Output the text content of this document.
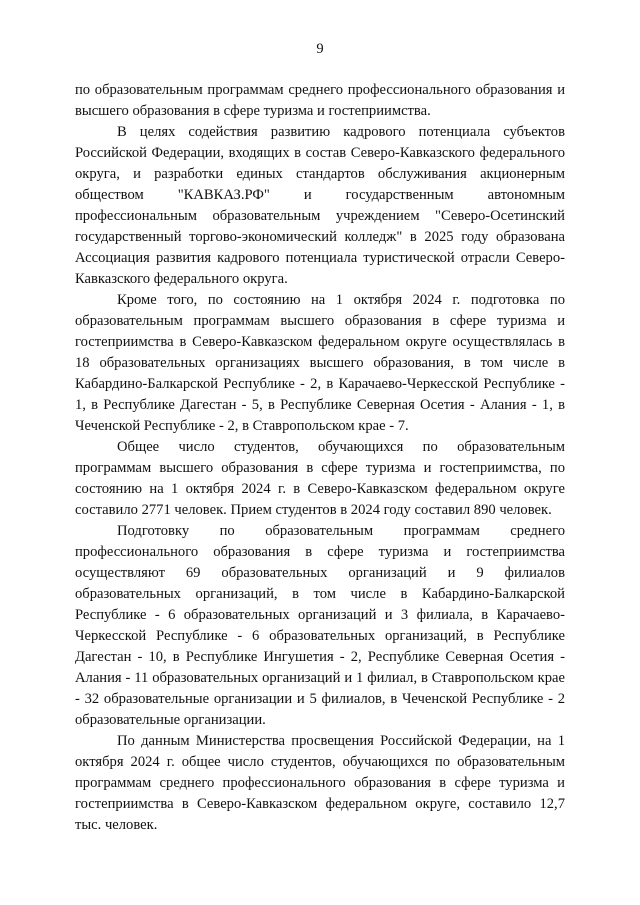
9

по образовательным программам среднего профессионального образования и высшего образования в сфере туризма и гостеприимства.

В целях содействия развитию кадрового потенциала субъектов Российской Федерации, входящих в состав Северо-Кавказского федерального округа, и разработки единых стандартов обслуживания акционерным обществом "КАВКАЗ.РФ" и государственным автономным профессиональным образовательным учреждением "Северо-Осетинский государственный торгово-экономический колледж" в 2025 году образована Ассоциация развития кадрового потенциала туристической отрасли Северо-Кавказского федерального округа.

Кроме того, по состоянию на 1 октября 2024 г. подготовка по образовательным программам высшего образования в сфере туризма и гостеприимства в Северо-Кавказском федеральном округе осуществлялась в 18 образовательных организациях высшего образования, в том числе в Кабардино-Балкарской Республике - 2, в Карачаево-Черкесской Республике - 1, в Республике Дагестан - 5, в Республике Северная Осетия - Алания - 1, в Чеченской Республике - 2, в Ставропольском крае - 7.

Общее число студентов, обучающихся по образовательным программам высшего образования в сфере туризма и гостеприимства, по состоянию на 1 октября 2024 г. в Северо-Кавказском федеральном округе составило 2771 человек. Прием студентов в 2024 году составил 890 человек.

Подготовку по образовательным программам среднего профессионального образования в сфере туризма и гостеприимства осуществляют 69 образовательных организаций и 9 филиалов образовательных организаций, в том числе в Кабардино-Балкарской Республике - 6 образовательных организаций и 3 филиала, в Карачаево-Черкесской Республике - 6 образовательных организаций, в Республике Дагестан - 10, в Республике Ингушетия - 2, Республике Северная Осетия - Алания - 11 образовательных организаций и 1 филиал, в Ставропольском крае - 32 образовательные организации и 5 филиалов, в Чеченской Республике - 2 образовательные организации.

По данным Министерства просвещения Российской Федерации, на 1 октября 2024 г. общее число студентов, обучающихся по образовательным программам среднего профессионального образования в сфере туризма и гостеприимства в Северо-Кавказском федеральном округе, составило 12,7 тыс. человек.
